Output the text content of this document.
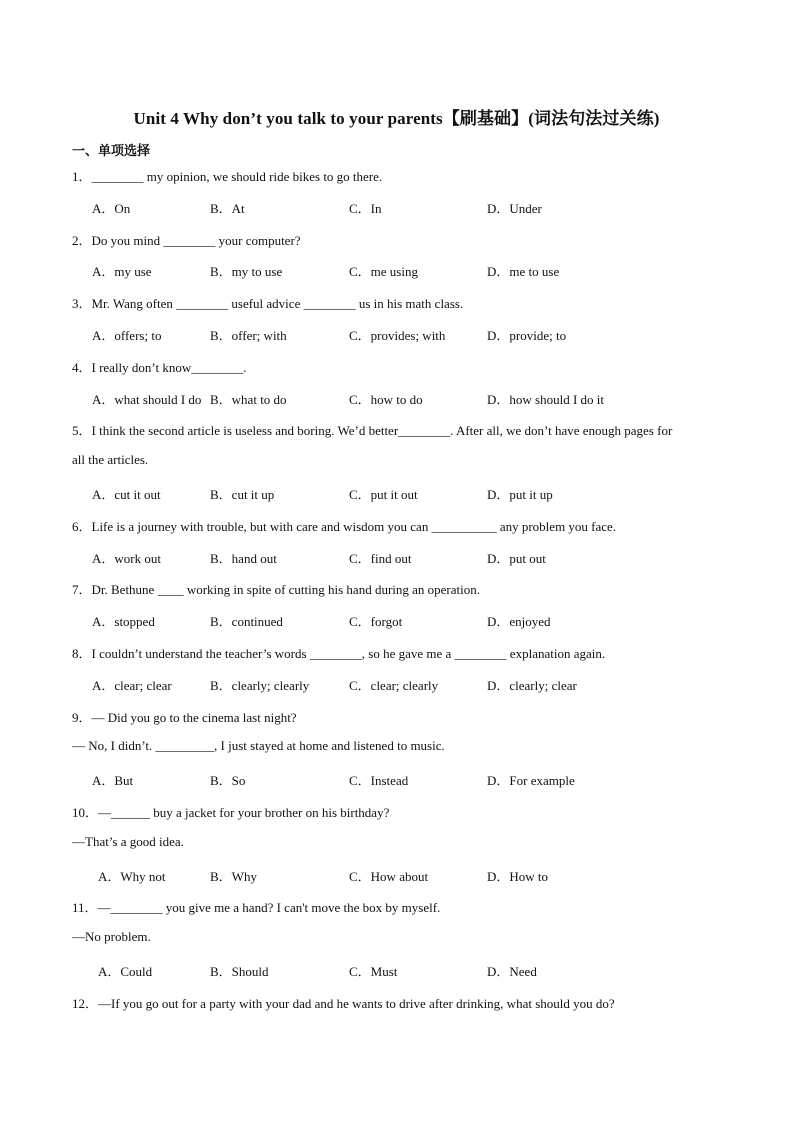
Unit 4 Why don’t you talk to your parents【刷基础】(词法句法过关练)
一、单项选择
1．________ my opinion, we should ride bikes to go there.
A．On	B．At	C．In	D．Under
2．Do you mind ________ your computer?
A．my use	B．my to use	C．me using	D．me to use
3．Mr. Wang often ________ useful advice ________ us in his math class.
A．offers; to	B．offer; with	C．provides; with	D．provide; to
4．I really don’t know________.
A．what should I do B．what to do	C．how to do	D．how should I do it
5．I think the second article is useless and boring. We’d better________. After all, we don’t have enough pages for
all the articles.
A．cut it out	B．cut it up	C．put it out	D．put it up
6．Life is a journey with trouble, but with care and wisdom you can __________ any problem you face.
A．work out	B．hand out	C．find out	D．put out
7．Dr. Bethune ____ working in spite of cutting his hand during an operation.
A．stopped	B．continued	C．forgot	D．enjoyed
8．I couldn’t understand the teacher’s words ________, so he gave me a ________ explanation again.
A．clear; clear	B．clearly; clearly	C．clear; clearly	D．clearly; clear
9．— Did you go to the cinema last night?
— No, I didn’t. _________, I just stayed at home and listened to music.
A．But	B．So	C．Instead	D．For example
10．—______ buy a jacket for your brother on his birthday?
—That’s a good idea.
A．Why not	B．Why	C．How about	D．How to
11．—________ you give me a hand? I can't move the box by myself.
—No problem.
A．Could	B．Should	C．Must	D．Need
12．—If you go out for a party with your dad and he wants to drive after drinking, what should you do?
